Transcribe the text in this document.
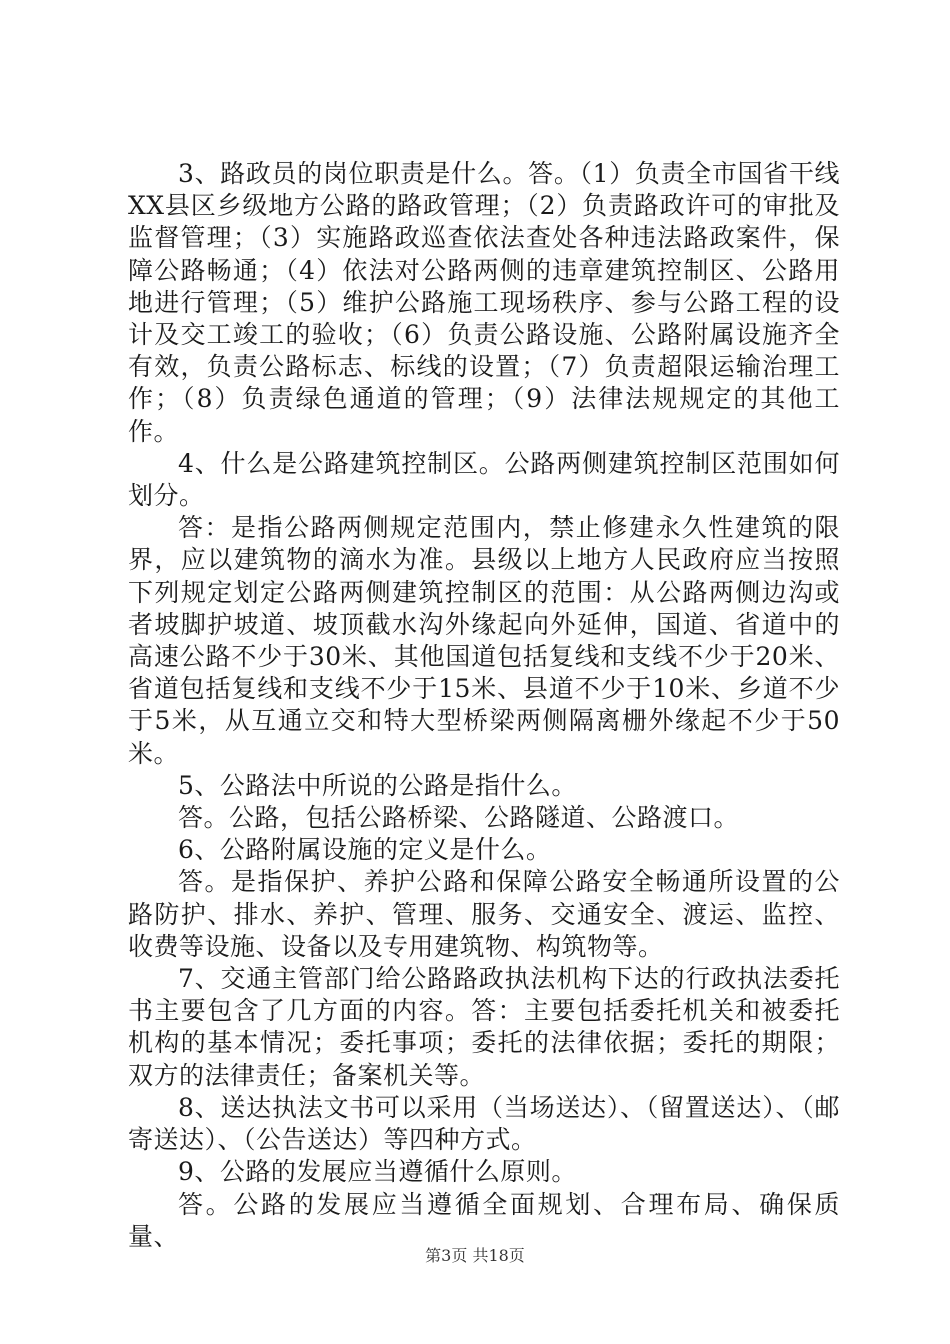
3、路政员的岗位职责是什么。答。（1）负责全市国省干线XX县区乡级地方公路的路政管理；（2）负责路政许可的审批及监督管理；（3）实施路政巡查依法查处各种违法路政案件，保障公路畅通；（4）依法对公路两侧的违章建筑控制区、公路用地进行管理；（5）维护公路施工现场秩序、参与公路工程的设计及交工竣工的验收；（6）负责公路设施、公路附属设施齐全有效，负责公路标志、标线的设置；（7）负责超限运输治理工作；（8）负责绿色通道的管理；（9）法律法规规定的其他工作。

4、什么是公路建筑控制区。公路两侧建筑控制区范围如何划分。

答：是指公路两侧规定范围内，禁止修建永久性建筑的限界，应以建筑物的滴水为准。县级以上地方人民政府应当按照下列规定划定公路两侧建筑控制区的范围：从公路两侧边沟或者坡脚护坡道、坡顶截水沟外缘起向外延伸，国道、省道中的高速公路不少于30米、其他国道包括复线和支线不少于20米、省道包括复线和支线不少于15米、县道不少于10米、乡道不少于5米，从互通立交和特大型桥梁两侧隔离栅外缘起不少于50米。

5、公路法中所说的公路是指什么。

答。公路，包括公路桥梁、公路隧道、公路渡口。

6、公路附属设施的定义是什么。

答。是指保护、养护公路和保障公路安全畅通所设置的公路防护、排水、养护、管理、服务、交通安全、渡运、监控、收费等设施、设备以及专用建筑物、构筑物等。

7、交通主管部门给公路路政执法机构下达的行政执法委托书主要包含了几方面的内容。答：主要包括委托机关和被委托机构的基本情况；委托事项；委托的法律依据；委托的期限；双方的法律责任；备案机关等。

8、送达执法文书可以采用（当场送达）、（留置送达）、（邮寄送达）、（公告送达）等四种方式。

9、公路的发展应当遵循什么原则。

答。公路的发展应当遵循全面规划、合理布局、确保质量、

第3页 共18页
